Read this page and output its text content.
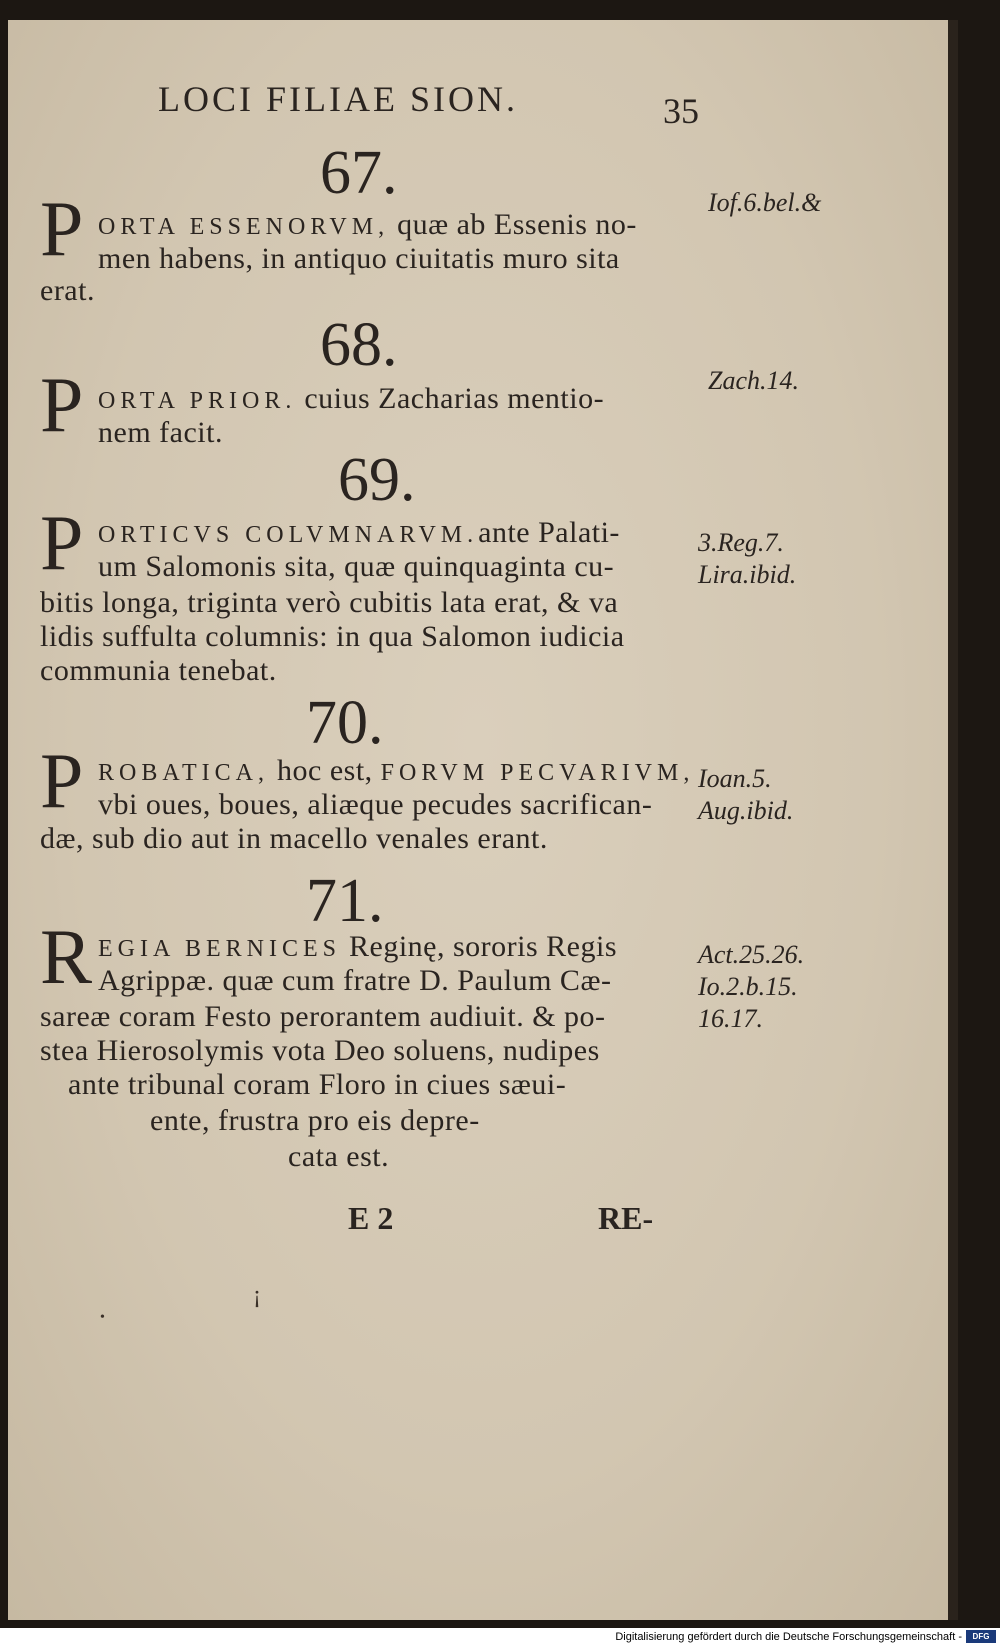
LOCI FILIAE SION.	35
67.
P ORTA ESSENORVM, quæ ab Essenis no-
men habens, in antiquo ciuitatis muro sita
erat.
Iof.6.bel.&
68.
P ORTA PRIOR. cuius Zacharias mentio-
nem facit.
Zach.14.
69.
P ORTICVS COLVMNARVM.ante Palati-
um Salomonis sita, quæ quinquaginta cu-
bitis longa, triginta verò cubitis lata erat, & va
lidis suffulta columnis: in qua Salomon iudicia
communia tenebat.
3.Reg.7.
Lira.ibid.
70.
P ROBATICA, hoc est, FORVM PECVARIVM,
vbi oues, boues, aliæque pecudes sacrifican-
dæ, sub dio aut in macello venales erant.
Ioan.5.
Aug.ibid.
71.
R EGIA BERNICES Reginę, sororis Regis
Agrippæ. quæ cum fratre D. Paulum Cæ-
sareæ coram Festo perorantem audiuit. & po-
stea Hierosolymis vota Deo soluens, nudipes
ante tribunal coram Floro in ciues sæui-
ente, frustra pro eis depre-
cata est.
Act.25.26.
Io.2.b.15.
16.17.
E 2	RE-
¡
•
Digitalisierung gefördert durch die Deutsche Forschungsgemeinschaft -	DFG
